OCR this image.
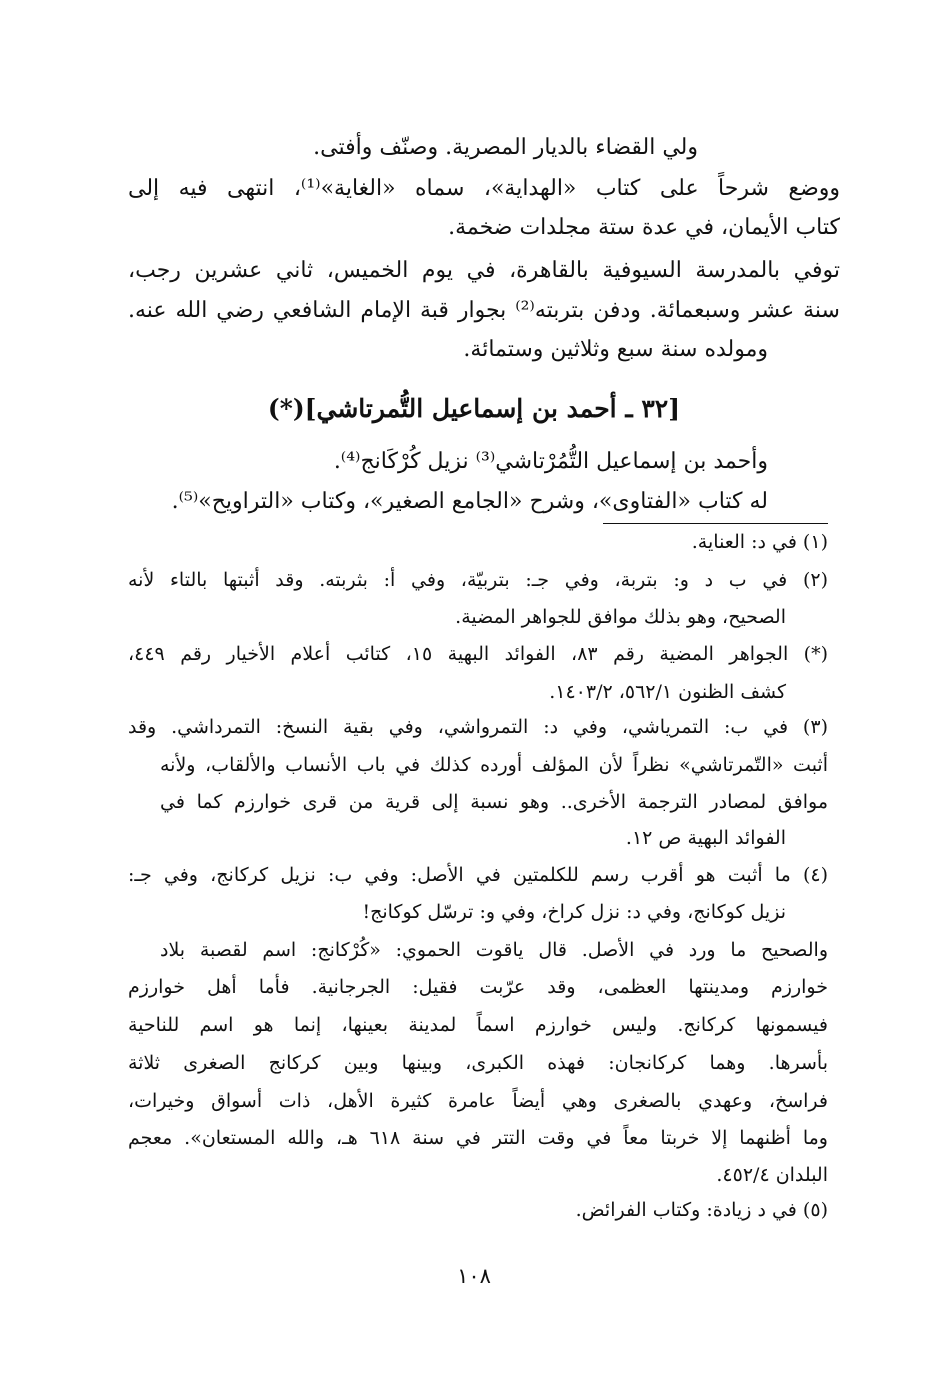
ولي القضاء بالديار المصرية. وصنّف وأفتى.
ووضع شرحاً على كتاب «الهداية»، سماه «الغاية»⁽¹⁾، انتهى فيه إلى
كتاب الأيمان، في عدة ستة مجلدات ضخمة.
توفي بالمدرسة السيوفية بالقاهرة، في يوم الخميس، ثاني عشرين رجب،
سنة عشر وسبعمائة. ودفن بتربته⁽²⁾ بجوار قبة الإمام الشافعي رضي الله عنه.
ومولده سنة سبع وثلاثين وستمائة.
[٣٢ ـ أحمد بن إسماعيل التُّمرتاشي](*)
وأحمد بن إسماعيل التُّمُرْتاشي⁽³⁾ نزيل كُرْكَانج⁽⁴⁾.
له كتاب «الفتاوى»، وشرح «الجامع الصغير»، وكتاب «التراويح»⁽⁵⁾.
(١) في د: العناية.
(٢) في ب د و: بتربة، وفي جـ: بتربيّة، وفي أ: بثربته. وقد أثبتها بالتاء لأنه
الصحيح، وهو بذلك موافق للجواهر المضية.
(*) الجواهر المضية رقم ٨٣، الفوائد البهية ١٥، كتائب أعلام الأخيار رقم ٤٤٩،
كشف الظنون ٥٦٢/١، ١٤٠٣/٢.
(٣) في ب: التمرياشي، وفي د: التمرواشي، وفي بقية النسخ: التمرداشي. وقد
أثبت «التّمرتاشي» نظراً لأن المؤلف أورده كذلك في باب الأنساب والألقاب، ولأنه
موافق لمصادر الترجمة الأخرى.. وهو نسبة إلى قرية من قرى خوارزم كما في
الفوائد البهية ص ١٢.
(٤) ما أثبت هو أقرب رسم للكلمتين في الأصل: وفي ب: نزيل كركانج، وفي جـ:
نزيل كوكانج، وفي د: نزل كراخ، وفي و: ترسّل كوكانج!
والصحيح ما ورد في الأصل. قال ياقوت الحموي: «كُرْكانج: اسم لقصبة بلاد
خوارزم ومدينتها العظمى، وقد عرّبت فقيل: الجرجانية. فأما أهل خوارزم
فيسمونها كركانج. وليس خوارزم اسماً لمدينة بعينها، إنما هو اسم للناحية
بأسرها. وهما كركانجان: فهذه الكبرى، وبينها وبين كركانج الصغرى ثلاثة
فراسخ، وعهدي بالصغرى وهي أيضاً عامرة كثيرة الأهل، ذات أسواق وخيرات،
وما أظنهما إلا خربتا معاً في وقت التتر في سنة ٦١٨ هـ، والله المستعان». معجم
البلدان ٤٥٢/٤.
(٥) في د زيادة: وكتاب الفرائض.
١٠٨
